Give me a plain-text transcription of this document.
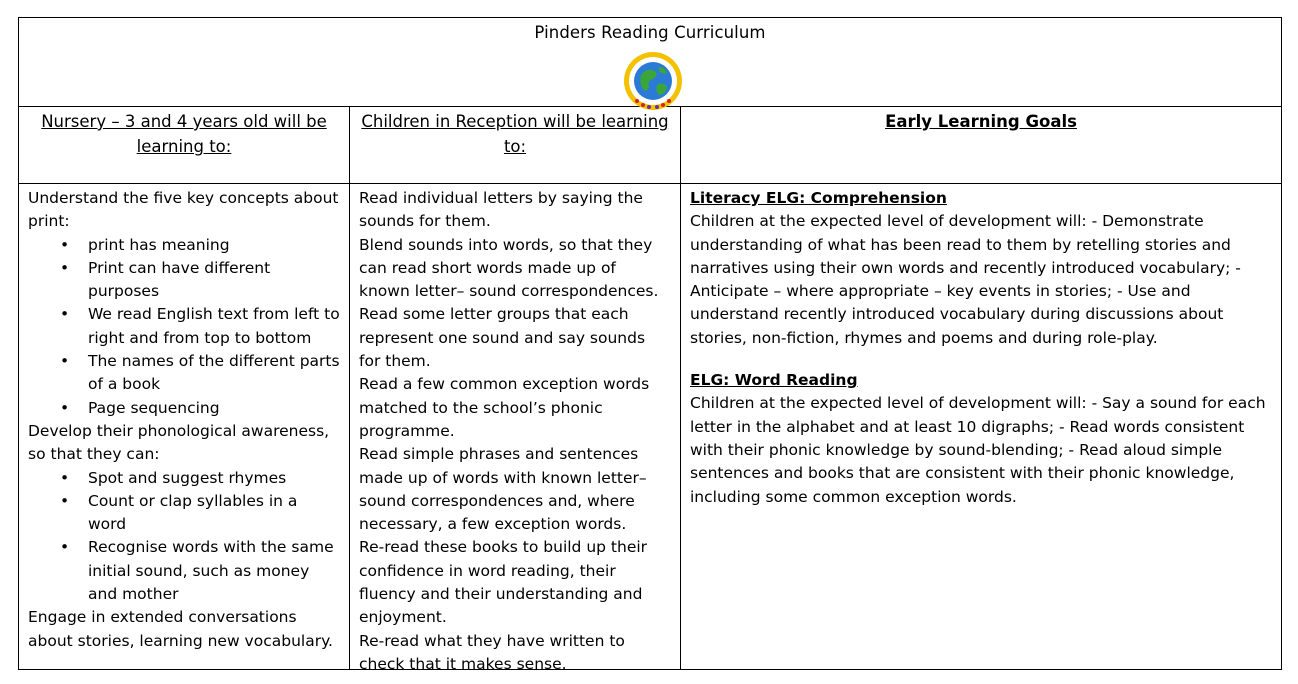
Pinders Reading Curriculum
Nursery – 3 and 4 years old will be learning to:

Understand the five key concepts about print:

• print has meaning
• Print can have different purposes
• We read English text from left to right and from top to bottom
• The names of the different parts of a book
• Page sequencing

Develop their phonological awareness, so that they can:

• Spot and suggest rhymes
• Count or clap syllables in a word
• Recognise words with the same initial sound, such as money and mother

Engage in extended conversations about stories, learning new vocabulary.

Children in Reception will be learning to:

Read individual letters by saying the sounds for them.

Blend sounds into words, so that they can read short words made up of known letter– sound correspondences.

Read some letter groups that each represent one sound and say sounds for them.

Read a few common exception words matched to the school’s phonic programme.

Read simple phrases and sentences made up of words with known letter–sound correspondences and, where necessary, a few exception words.

Re-read these books to build up their confidence in word reading, their fluency and their understanding and enjoyment.

Re-read what they have written to check that it makes sense.

Early Learning Goals

Literacy ELG: Comprehension

Children at the expected level of development will: - Demonstrate understanding of what has been read to them by retelling stories and narratives using their own words and recently introduced vocabulary; - Anticipate – where appropriate – key events in stories; - Use and understand recently introduced vocabulary during discussions about stories, non-fiction, rhymes and poems and during role-play.

ELG: Word Reading

Children at the expected level of development will: - Say a sound for each letter in the alphabet and at least 10 digraphs; - Read words consistent with their phonic knowledge by sound-blending; - Read aloud simple sentences and books that are consistent with their phonic knowledge, including some common exception words.
